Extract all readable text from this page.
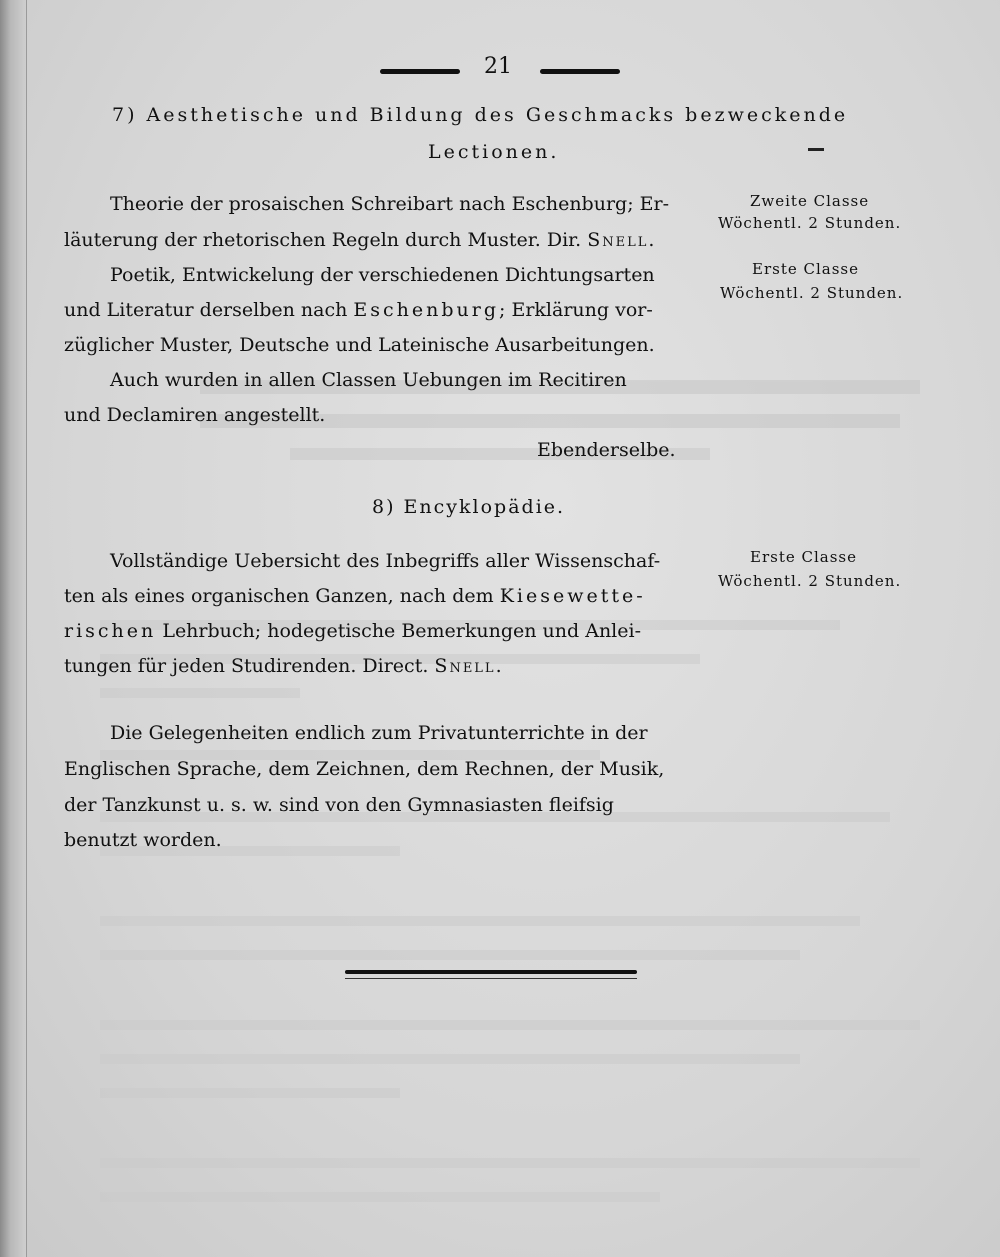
21
7) Aesthetische und Bildung des Geschmacks bezweckende
Lectionen.
Theorie der prosaischen Schreibart nach Eschenburg; Er-
läuterung der rhetorischen Regeln durch Muster. Dir. Snell.
Zweite Classe
Wöchentl. 2 Stunden.
Poetik, Entwickelung der verschiedenen Dichtungsarten
und Literatur derselben nach Eschenburg; Erklärung vor-
züglicher Muster, Deutsche und Lateinische Ausarbeitungen.
Erste Classe
Wöchentl. 2 Stunden.
Auch wurden in allen Classen Uebungen im Recitiren
und Declamiren angestellt.
Ebenderselbe.
8) Encyklopädie.
Vollständige Uebersicht des Inbegriffs aller Wissenschaf-
ten als eines organischen Ganzen, nach dem Kiesewette-
rischen Lehrbuch; hodegetische Bemerkungen und Anlei-
tungen für jeden Studirenden. Direct. Snell.
Erste Classe
Wöchentl. 2 Stunden.
Die Gelegenheiten endlich zum Privatunterrichte in der
Englischen Sprache, dem Zeichnen, dem Rechnen, der Musik,
der Tanzkunst u. s. w. sind von den Gymnasiasten fleifsig
benutzt worden.
